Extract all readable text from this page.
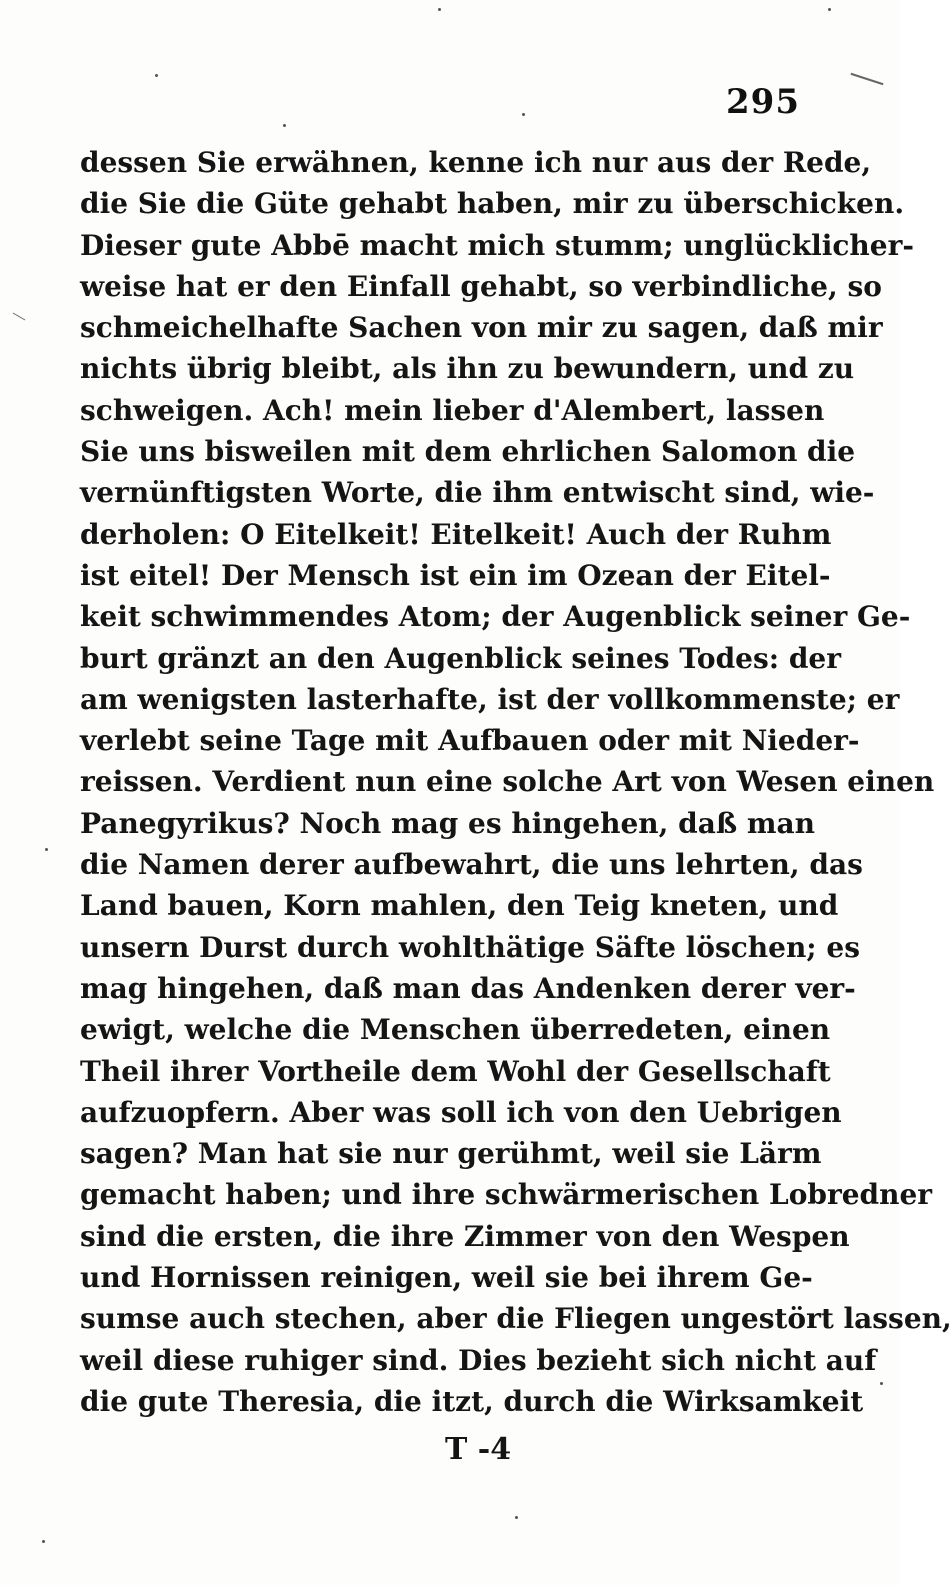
295
dessen Sie erwähnen, kenne ich nur aus der Rede,
die Sie die Güte gehabt haben, mir zu überschicken.
Dieser gute Abbē macht mich stumm; unglücklicher-
weise hat er den Einfall gehabt, so verbindliche, so
schmeichelhafte Sachen von mir zu sagen, daß mir
nichts übrig bleibt, als ihn zu bewundern, und zu
schweigen. Ach! mein lieber d'Alembert, lassen
Sie uns bisweilen mit dem ehrlichen Salomon die
vernünftigsten Worte, die ihm entwischt sind, wie-
derholen: O Eitelkeit! Eitelkeit! Auch der Ruhm
ist eitel! Der Mensch ist ein im Ozean der Eitel-
keit schwimmendes Atom; der Augenblick seiner Ge-
burt gränzt an den Augenblick seines Todes: der
am wenigsten lasterhafte, ist der vollkommenste; er
verlebt seine Tage mit Aufbauen oder mit Nieder-
reissen. Verdient nun eine solche Art von Wesen einen
Panegyrikus? Noch mag es hingehen, daß man
die Namen derer aufbewahrt, die uns lehrten, das
Land bauen, Korn mahlen, den Teig kneten, und
unsern Durst durch wohlthätige Säfte löschen; es
mag hingehen, daß man das Andenken derer ver-
ewigt, welche die Menschen überredeten, einen
Theil ihrer Vortheile dem Wohl der Gesellschaft
aufzuopfern. Aber was soll ich von den Uebrigen
sagen? Man hat sie nur gerühmt, weil sie Lärm
gemacht haben; und ihre schwärmerischen Lobredner
sind die ersten, die ihre Zimmer von den Wespen
und Hornissen reinigen, weil sie bei ihrem Ge-
sumse auch stechen, aber die Fliegen ungestört lassen,
weil diese ruhiger sind. Dies bezieht sich nicht auf
die gute Theresia, die itzt, durch die Wirksamkeit
T -4
